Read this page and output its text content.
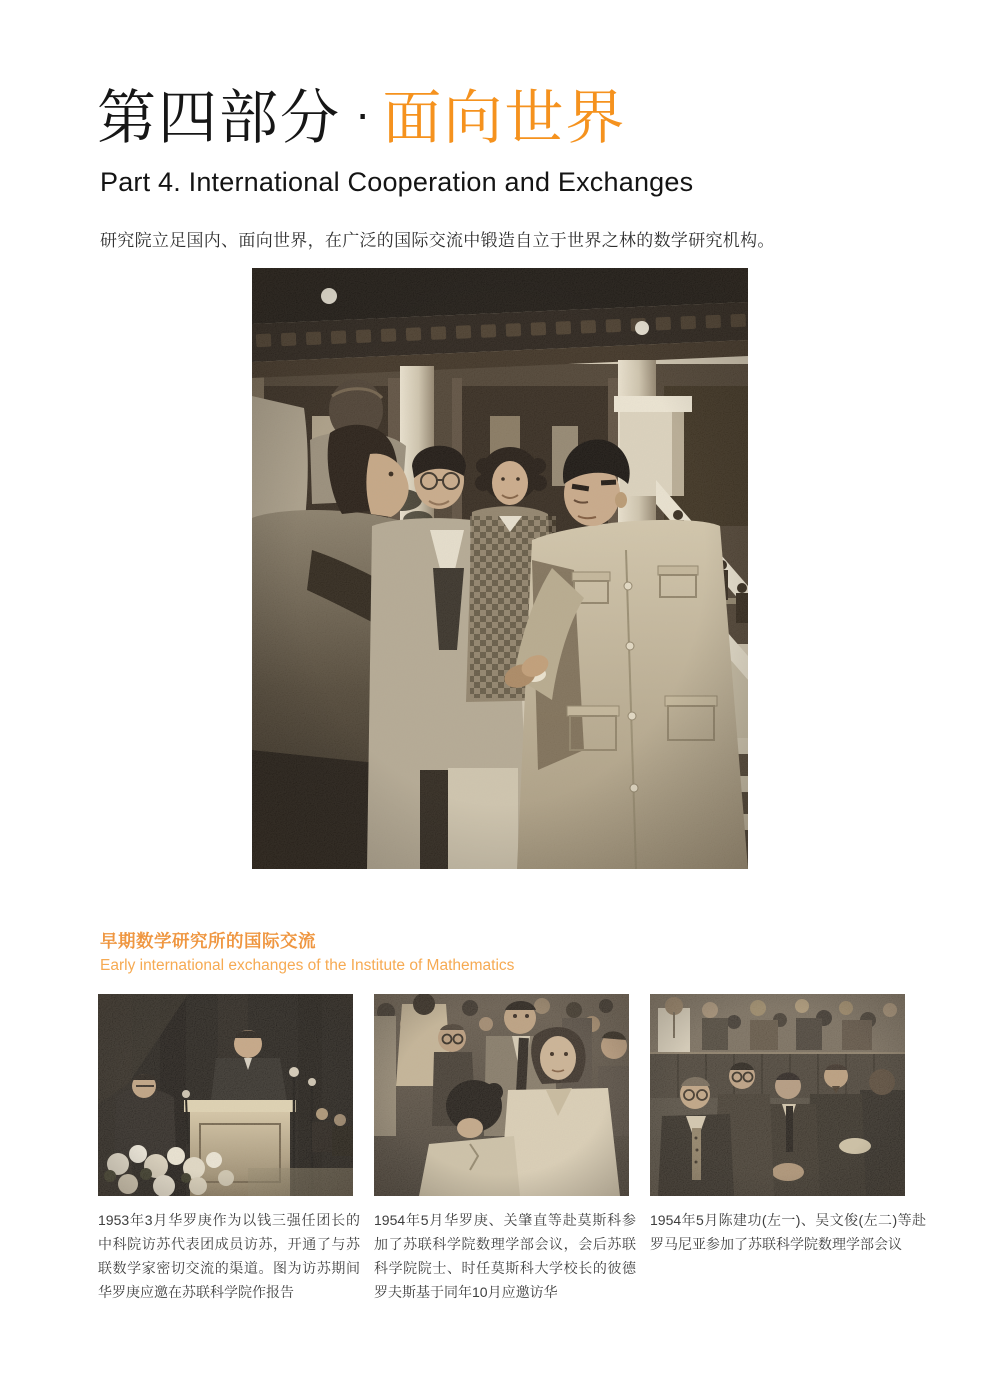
第四部分 · 面向世界
Part 4. International Cooperation and Exchanges

研究院立足国内、面向世界，在广泛的国际交流中锻造自立于世界之林的数学研究机构。

早期数学研究所的国际交流

Early international exchanges of the Institute of Mathematics

1953年3月华罗庚作为以钱三强任团长的中科院访苏代表团成员访苏，开通了与苏联数学家密切交流的渠道。图为访苏期间华罗庚应邀在苏联科学院作报告
1954年5月华罗庚、关肇直等赴莫斯科参加了苏联科学院数理学部会议，会后苏联科学院院士、时任莫斯科大学校长的彼德罗夫斯基于同年10月应邀访华
1954年5月陈建功(左一)、吴文俊(左二)等赴罗马尼亚参加了苏联科学院数理学部会议
